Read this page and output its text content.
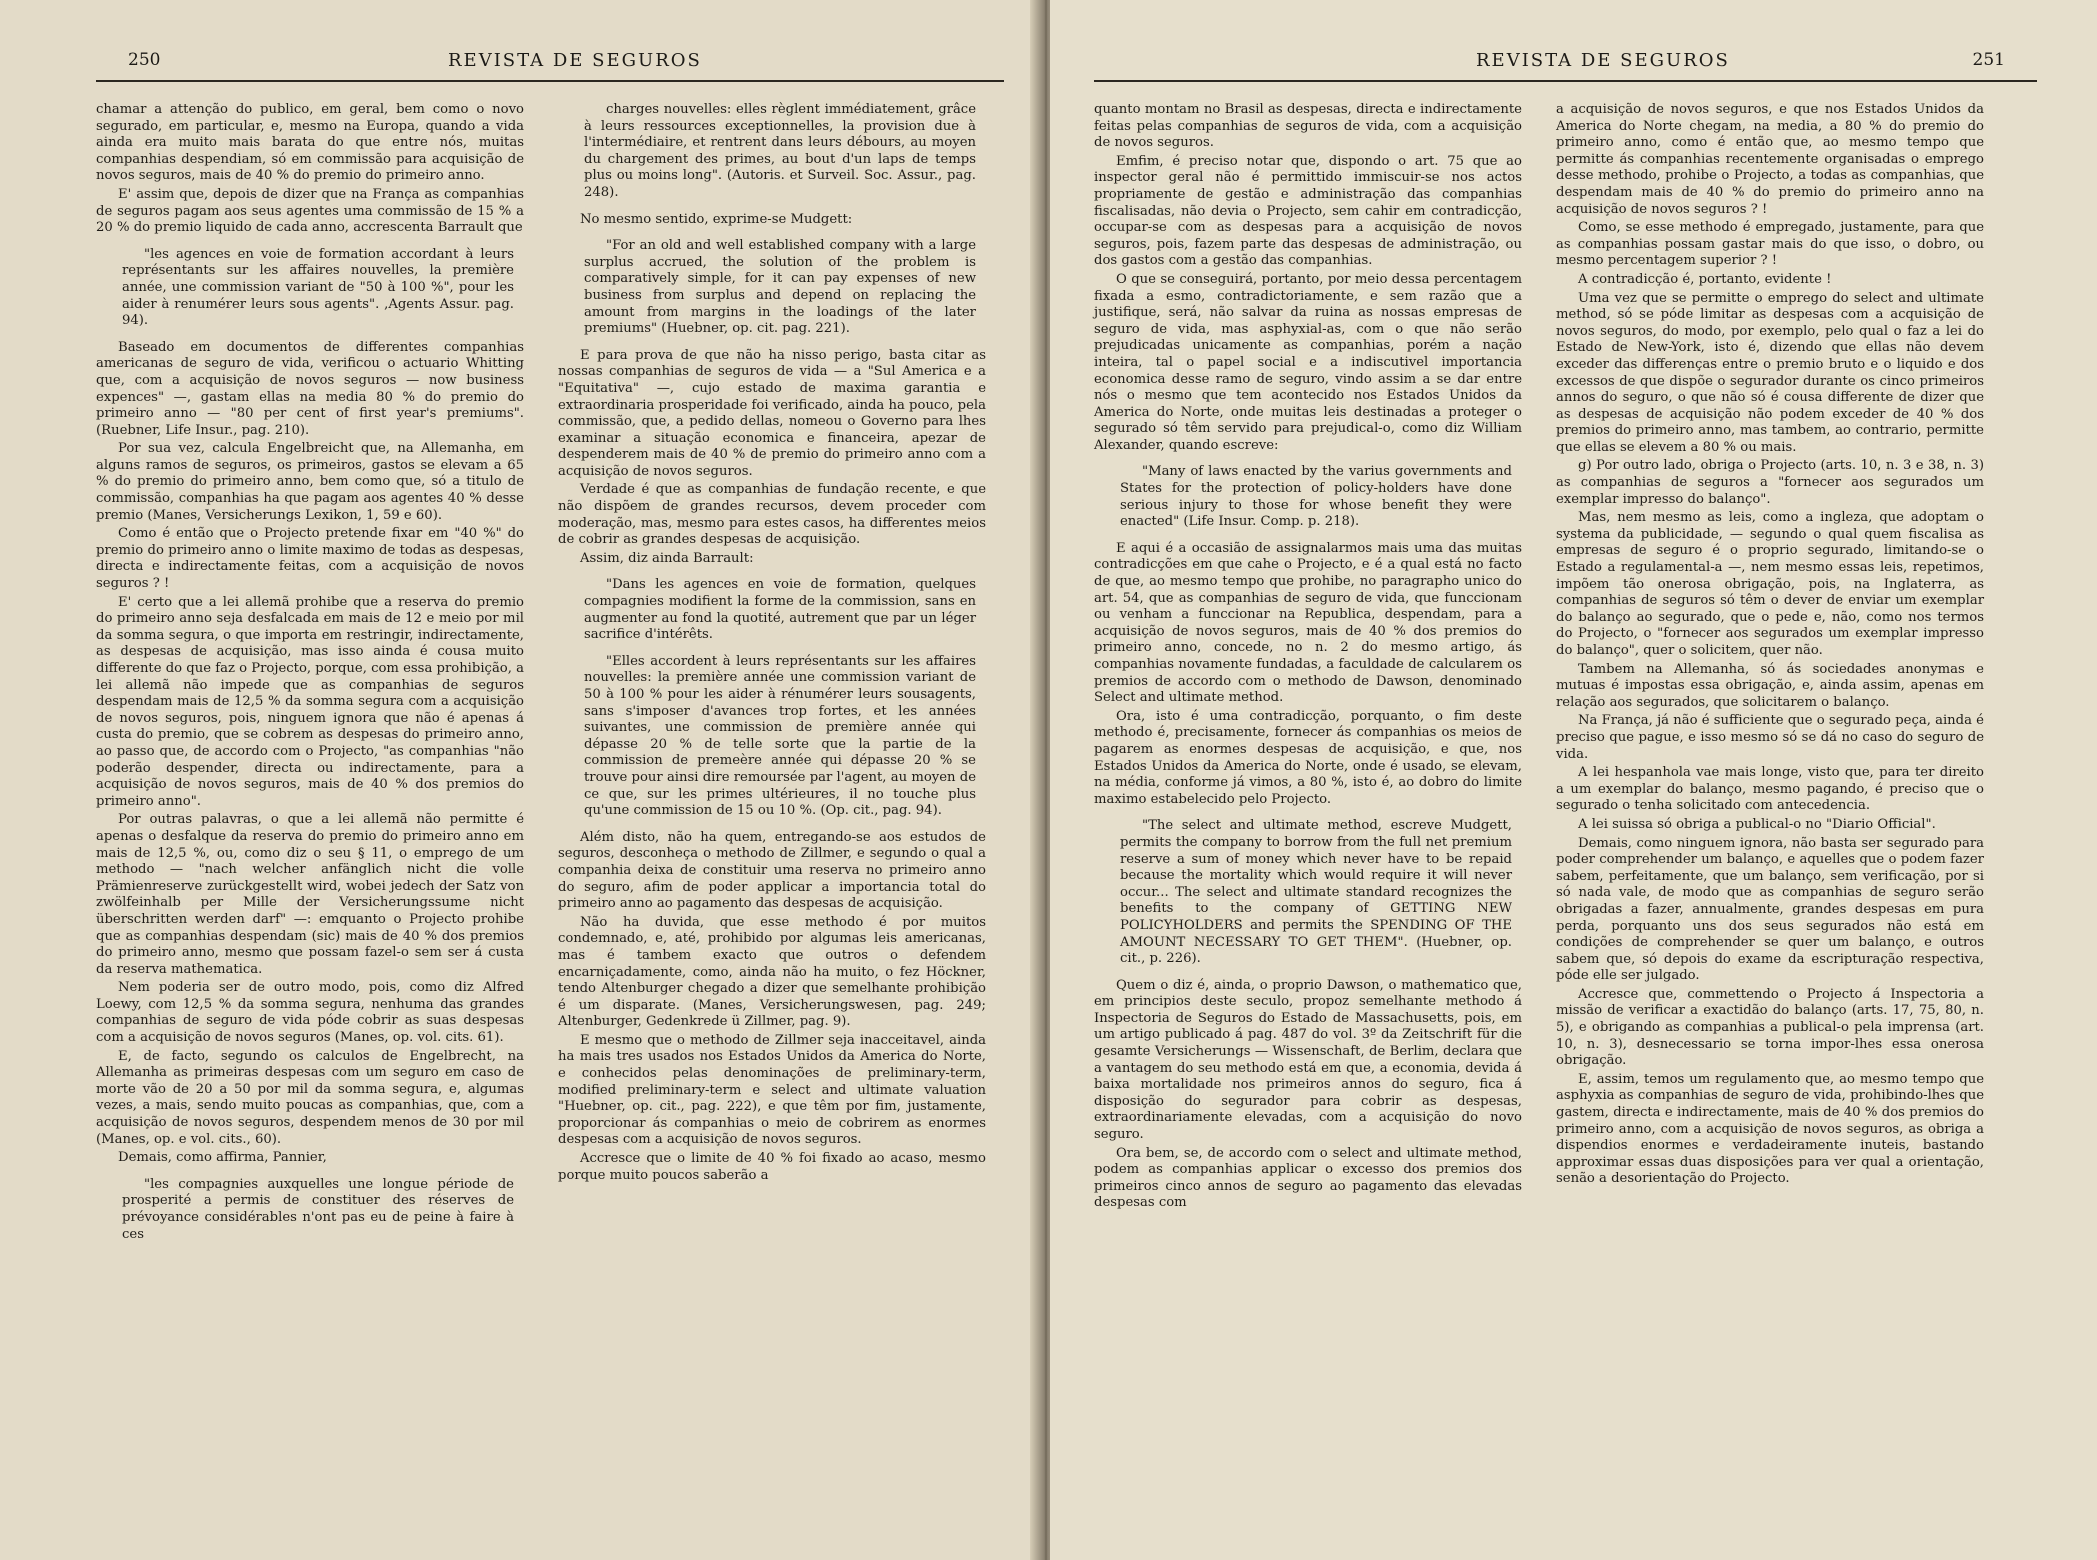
250	REVISTA DE SEGUROS

chamar a attenção do publico, em geral, bem como o novo segurado, em particular, e, mesmo na Europa, quando a vida ainda era muito mais barata do que entre nós, muitas companhias despendiam, só em commissão para acquisição de novos seguros, mais de 40 % do premio do primeiro anno.

E' assim que, depois de dizer que na França as companhias de seguros pagam aos seus agentes uma commissão de 15 % a 20 % do premio liquido de cada anno, accrescenta Barrault que

"les agences en voie de formation accordant à leurs représentants sur les affaires nouvelles, la première année, une commission variant de "50 à 100 %", pour les aider à renumérer leurs sous agents". ,Agents Assur. pag. 94).

Baseado em documentos de differentes companhias americanas de seguro de vida, verificou o actuario Whitting que, com a acquisição de novos seguros — now business expences" —, gastam ellas na media 80 % do premio do primeiro anno — "80 per cent of first year's premiums". (Ruebner, Life Insur., pag. 210).

Por sua vez, calcula Engelbreicht que, na Allemanha, em alguns ramos de seguros, os primeiros, gastos se elevam a 65 % do premio do primeiro anno, bem como que, só a titulo de commissão, companhias ha que pagam aos agentes 40 % desse premio (Manes, Versicherungs Lexikon, 1, 59 e 60).

Como é então que o Projecto pretende fixar em "40 %" do premio do primeiro anno o limite maximo de todas as despesas, directa e indirectamente feitas, com a acquisição de novos seguros ? !

E' certo que a lei allemã prohibe que a reserva do premio do primeiro anno seja desfalcada em mais de 12 e meio por mil da somma segura, o que importa em restringir, indirectamente, as despesas de acquisição, mas isso ainda é cousa muito differente do que faz o Projecto, porque, com essa prohibição, a lei allemã não impede que as companhias de seguros despendam mais de 12,5 % da somma segura com a acquisição de novos seguros, pois, ninguem ignora que não é apenas á custa do premio, que se cobrem as despesas do primeiro anno, ao passo que, de accordo com o Projecto, "as companhias "não poderão despender, directa ou indirectamente, para a acquisição de novos seguros, mais de 40 % dos premios do primeiro anno".

Por outras palavras, o que a lei allemã não permitte é apenas o desfalque da reserva do premio do primeiro anno em mais de 12,5 %, ou, como diz o seu § 11, o emprego de um methodo — "nach welcher anfänglich nicht die volle Prämienreserve zurückgestellt wird, wobei jedech der Satz von zwölfeinhalb per Mille der Versicherungssume nicht überschritten werden darf" —: emquanto o Projecto prohibe que as companhias despendam (sic) mais de 40 % dos premios do primeiro anno, mesmo que possam fazel-o sem ser á custa da reserva mathematica.

Nem poderia ser de outro modo, pois, como diz Alfred Loewy, com 12,5 % da somma segura, nenhuma das grandes companhias de seguro de vida póde cobrir as suas despesas com a acquisição de novos seguros (Manes, op. vol. cits. 61).

E, de facto, segundo os calculos de Engelbrecht, na Allemanha as primeiras despesas com um seguro em caso de morte vão de 20 a 50 por mil da somma segura, e, algumas vezes, a mais, sendo muito poucas as companhias, que, com a acquisição de novos seguros, despendem menos de 30 por mil (Manes, op. e vol. cits., 60).

Demais, como affirma, Pannier,

"les compagnies auxquelles une longue période de prosperité a permis de constituer des réserves de prévoyance considérables n'ont pas eu de peine à faire à ces

charges nouvelles: elles règlent immédiatement, grâce à leurs ressources exceptionnelles, la provision due à l'intermédiaire, et rentrent dans leurs débours, au moyen du chargement des primes, au bout d'un laps de temps plus ou moins long". (Autoris. et Surveil. Soc. Assur., pag. 248).

No mesmo sentido, exprime-se Mudgett:

"For an old and well established company with a large surplus accrued, the solution of the problem is comparatively simple, for it can pay expenses of new business from surplus and depend on replacing the amount from margins in the loadings of the later premiums" (Huebner, op. cit. pag. 221).

E para prova de que não ha nisso perigo, basta citar as nossas companhias de seguros de vida — a "Sul America e a "Equitativa" —, cujo estado de maxima garantia e extraordinaria prosperidade foi verificado, ainda ha pouco, pela commissão, que, a pedido dellas, nomeou o Governo para lhes examinar a situação economica e financeira, apezar de despenderem mais de 40 % de premio do primeiro anno com a acquisição de novos seguros.

Verdade é que as companhias de fundação recente, e que não dispõem de grandes recursos, devem proceder com moderação, mas, mesmo para estes casos, ha differentes meios de cobrir as grandes despesas de acquisição.

Assim, diz ainda Barrault:

"Dans les agences en voie de formation, quelques compagnies modifient la forme de la commission, sans en augmenter au fond la quotité, autrement que par un léger sacrifice d'intérêts.

"Elles accordent à leurs représentants sur les affaires nouvelles: la première année une commission variant de 50 à 100 % pour les aider à rénumérer leurs sousagents, sans s'imposer d'avances trop fortes, et les années suivantes, une commission de première année qui dépasse 20 % de telle sorte que la partie de la commission de premeère année qui dépasse 20 % se trouve pour ainsi dire remoursée par l'agent, au moyen de ce que, sur les primes ultérieures, il no touche plus qu'une commission de 15 ou 10 %. (Op. cit., pag. 94).

Além disto, não ha quem, entregando-se aos estudos de seguros, desconheça o methodo de Zillmer, e segundo o qual a companhia deixa de constituir uma reserva no primeiro anno do seguro, afim de poder applicar a importancia total do primeiro anno ao pagamento das despesas de acquisição.

Não ha duvida, que esse methodo é por muitos condemnado, e, até, prohibido por algumas leis americanas, mas é tambem exacto que outros o defendem encarniçadamente, como, ainda não ha muito, o fez Höckner, tendo Altenburger chegado a dizer que semelhante prohibição é um disparate. (Manes, Versicherungswesen, pag. 249; Altenburger, Gedenkrede ü Zillmer, pag. 9).

E mesmo que o methodo de Zillmer seja inacceitavel, ainda ha mais tres usados nos Estados Unidos da America do Norte, e conhecidos pelas denominações de preliminary-term, modified preliminary-term e select and ultimate valuation "Huebner, op. cit., pag. 222), e que têm por fim, justamente, proporcionar ás companhias o meio de cobrirem as enormes despesas com a acquisição de novos seguros.

Accresce que o limite de 40 % foi fixado ao acaso, mesmo porque muito poucos saberão a

REVISTA DE SEGUROS	251

quanto montam no Brasil as despesas, directa e indirectamente feitas pelas companhias de seguros de vida, com a acquisição de novos seguros.

Emfim, é preciso notar que, dispondo o art. 75 que ao inspector geral não é permittido immiscuir-se nos actos propriamente de gestão e administração das companhias fiscalisadas, não devia o Projecto, sem cahir em contradicção, occupar-se com as despesas para a acquisição de novos seguros, pois, fazem parte das despesas de administração, ou dos gastos com a gestão das companhias.

O que se conseguirá, portanto, por meio dessa percentagem fixada a esmo, contradictoriamente, e sem razão que a justifique, será, não salvar da ruina as nossas empresas de seguro de vida, mas asphyxial-as, com o que não serão prejudicadas unicamente as companhias, porém a nação inteira, tal o papel social e a indiscutivel importancia economica desse ramo de seguro, vindo assim a se dar entre nós o mesmo que tem acontecido nos Estados Unidos da America do Norte, onde muitas leis destinadas a proteger o segurado só têm servido para prejudical-o, como diz William Alexander, quando escreve:

"Many of laws enacted by the varius governments and States for the protection of policy-holders have done serious injury to those for whose benefit they were enacted" (Life Insur. Comp. p. 218).

E aqui é a occasião de assignalarmos mais uma das muitas contradicções em que cahe o Projecto, e é a qual está no facto de que, ao mesmo tempo que prohibe, no paragrapho unico do art. 54, que as companhias de seguro de vida, que funccionam ou venham a funccionar na Republica, despendam, para a acquisição de novos seguros, mais de 40 % dos premios do primeiro anno, concede, no n. 2 do mesmo artigo, ás companhias novamente fundadas, a faculdade de calcularem os premios de accordo com o methodo de Dawson, denominado Select and ultimate method.

Ora, isto é uma contradicção, porquanto, o fim deste methodo é, precisamente, fornecer ás companhias os meios de pagarem as enormes despesas de acquisição, e que, nos Estados Unidos da America do Norte, onde é usado, se elevam, na média, conforme já vimos, a 80 %, isto é, ao dobro do limite maximo estabelecido pelo Projecto.

"The select and ultimate method, escreve Mudgett, permits the company to borrow from the full net premium reserve a sum of money which never have to be repaid because the mortality which would require it will never occur... The select and ultimate standard recognizes the benefits to the company of GETTING NEW POLICYHOLDERS and permits the SPENDING OF THE AMOUNT NECESSARY TO GET THEM". (Huebner, op. cit., p. 226).

Quem o diz é, ainda, o proprio Dawson, o mathematico que, em principios deste seculo, propoz semelhante methodo á Inspectoria de Seguros do Estado de Massachusetts, pois, em um artigo publicado á pag. 487 do vol. 3º da Zeitschrift für die gesamte Versicherungs — Wissenschaft, de Berlim, declara que a vantagem do seu methodo está em que, a economia, devida á baixa mortalidade nos primeiros annos do seguro, fica á disposição do segurador para cobrir as despesas, extraordinariamente elevadas, com a acquisição do novo seguro.

Ora bem, se, de accordo com o select and ultimate method, podem as companhias applicar o excesso dos premios dos primeiros cinco annos de seguro ao pagamento das elevadas despesas com

a acquisição de novos seguros, e que nos Estados Unidos da America do Norte chegam, na media, a 80 % do premio do primeiro anno, como é então que, ao mesmo tempo que permitte ás companhias recentemente organisadas o emprego desse methodo, prohibe o Projecto, a todas as companhias, que despendam mais de 40 % do premio do primeiro anno na acquisição de novos seguros ? !

Como, se esse methodo é empregado, justamente, para que as companhias possam gastar mais do que isso, o dobro, ou mesmo percentagem superior ? !

A contradicção é, portanto, evidente !

Uma vez que se permitte o emprego do select and ultimate method, só se póde limitar as despesas com a acquisição de novos seguros, do modo, por exemplo, pelo qual o faz a lei do Estado de New-York, isto é, dizendo que ellas não devem exceder das differenças entre o premio bruto e o liquido e dos excessos de que dispõe o segurador durante os cinco primeiros annos do seguro, o que não só é cousa differente de dizer que as despesas de acquisição não podem exceder de 40 % dos premios do primeiro anno, mas tambem, ao contrario, permitte que ellas se elevem a 80 % ou mais.

g) Por outro lado, obriga o Projecto (arts. 10, n. 3 e 38, n. 3) as companhias de seguros a "fornecer aos segurados um exemplar impresso do balanço".

Mas, nem mesmo as leis, como a ingleza, que adoptam o systema da publicidade, — segundo o qual quem fiscalisa as empresas de seguro é o proprio segurado, limitando-se o Estado a regulamental-a —, nem mesmo essas leis, repetimos, impõem tão onerosa obrigação, pois, na Inglaterra, as companhias de seguros só têm o dever de enviar um exemplar do balanço ao segurado, que o pede e, não, como nos termos do Projecto, o "fornecer aos segurados um exemplar impresso do balanço", quer o solicitem, quer não.

Tambem na Allemanha, só ás sociedades anonymas e mutuas é impostas essa obrigação, e, ainda assim, apenas em relação aos segurados, que solicitarem o balanço.

Na França, já não é sufficiente que o segurado peça, ainda é preciso que pague, e isso mesmo só se dá no caso do seguro de vida.

A lei hespanhola vae mais longe, visto que, para ter direito a um exemplar do balanço, mesmo pagando, é preciso que o segurado o tenha solicitado com antecedencia.

A lei suissa só obriga a publical-o no "Diario Official".

Demais, como ninguem ignora, não basta ser segurado para poder comprehender um balanço, e aquelles que o podem fazer sabem, perfeitamente, que um balanço, sem verificação, por si só nada vale, de modo que as companhias de seguro serão obrigadas a fazer, annualmente, grandes despesas em pura perda, porquanto uns dos seus segurados não está em condições de comprehender se quer um balanço, e outros sabem que, só depois do exame da escripturação respectiva, póde elle ser julgado.

Accresce que, commettendo o Projecto á Inspectoria a missão de verificar a exactidão do balanço (arts. 17, 75, 80, n. 5), e obrigando as companhias a publical-o pela imprensa (art. 10, n. 3), desnecessario se torna impor-lhes essa onerosa obrigação.

E, assim, temos um regulamento que, ao mesmo tempo que asphyxia as companhias de seguro de vida, prohibindo-lhes que gastem, directa e indirectamente, mais de 40 % dos premios do primeiro anno, com a acquisição de novos seguros, as obriga a dispendios enormes e verdadeiramente inuteis, bastando approximar essas duas disposições para ver qual a orientação, senão a desorientação do Projecto.
